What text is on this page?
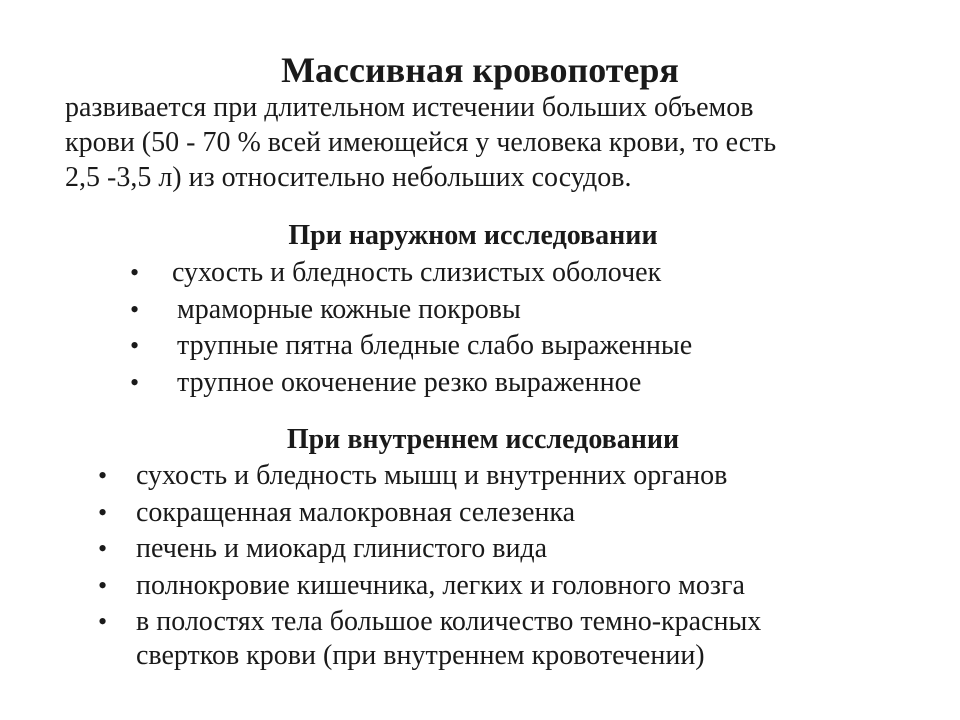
Массивная кровопотеря

развивается при длительном истечении больших объемов
крови (50 - 70 % всей имеющейся у человека крови, то есть
2,5 -3,5 л) из относительно небольших сосудов.

При наружном исследовании
• сухость и бледность слизистых оболочек
• мраморные кожные покровы
• трупные пятна бледные слабо выраженные
• трупное окоченение резко выраженное
При внутреннем исследовании
• сухость и бледность мышц и внутренних органов
• сокращенная малокровная селезенка
• печень и миокард глинистого вида
• полнокровие кишечника, легких и головного мозга
• в полостях тела большое количество темно-красных
свертков крови (при внутреннем кровотечении)
